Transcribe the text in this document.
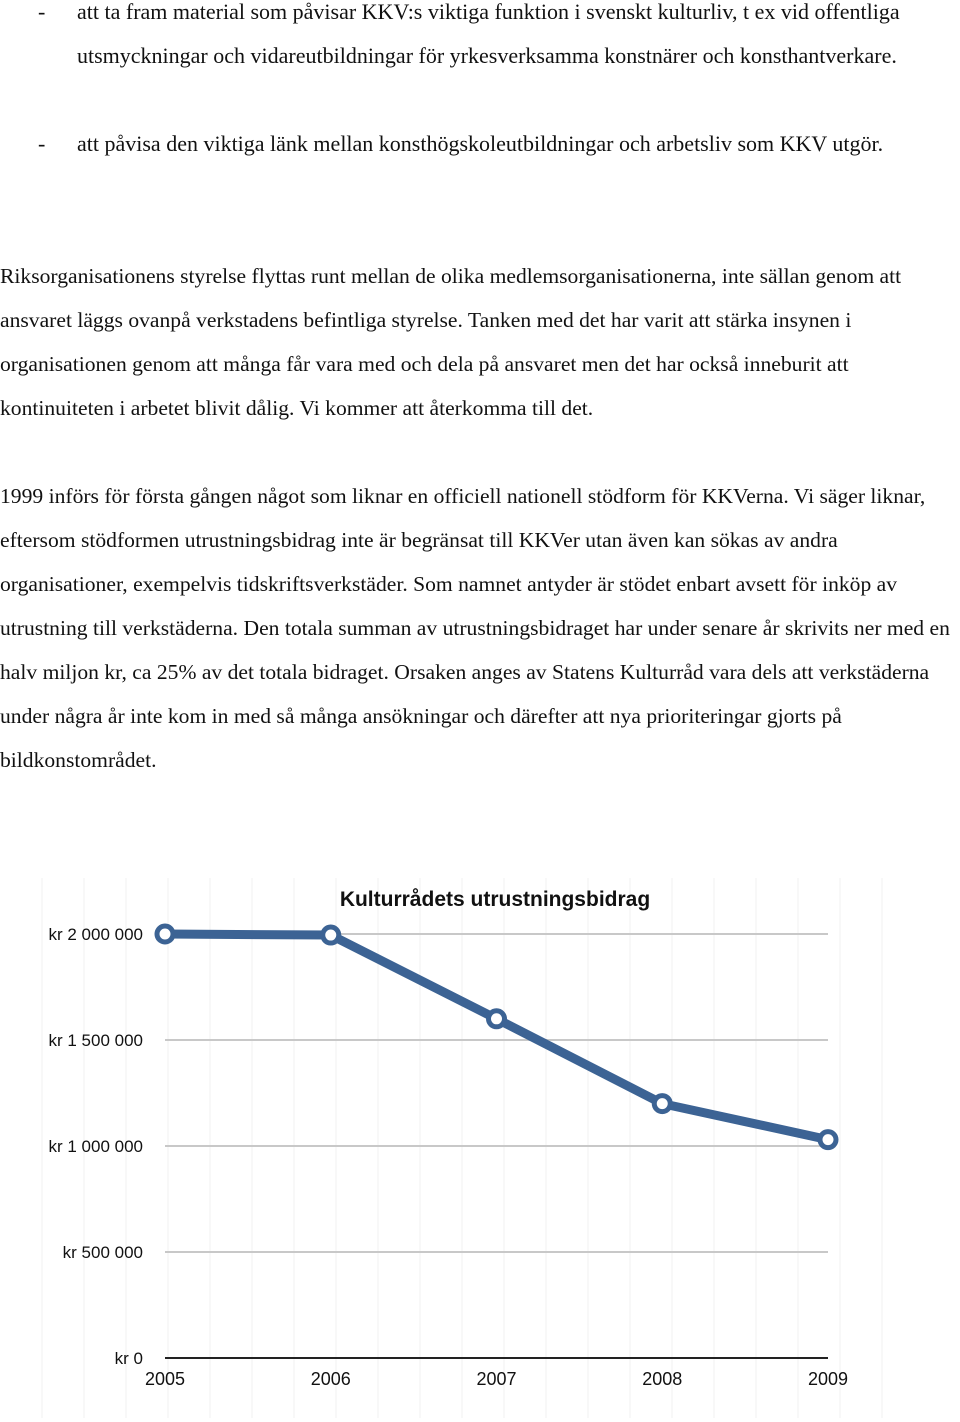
- att ta fram material som påvisar KKV:s viktiga funktion i svenskt kulturliv, t ex vid offentliga utsmyckningar och vidareutbildningar för yrkesverksamma konstnärer och konsthantverkare.
- att påvisa den viktiga länk mellan konsthögskoleutbildningar och arbetsliv som KKV utgör.
Riksorganisationens styrelse flyttas runt mellan de olika medlemsorganisationerna, inte sällan genom att ansvaret läggs ovanpå verkstadens befintliga styrelse. Tanken med det har varit att stärka insynen i organisationen genom att många får vara med och dela på ansvaret men det har också inneburit att kontinuiteten i arbetet blivit dålig. Vi kommer att återkomma till det.
1999 införs för första gången något som liknar en officiell nationell stödform för KKVerna. Vi säger liknar, eftersom stödformen utrustningsbidrag inte är begränsat till KKVer utan även kan sökas av andra organisationer, exempelvis tidskriftsverkstäder. Som namnet antyder är stödet enbart avsett för inköp av utrustning till verkstäderna. Den totala summan av utrustningsbidraget har under senare år skrivits ner med en halv miljon kr, ca 25% av det totala bidraget. Orsaken anges av Statens Kulturråd vara dels att verkstäderna under några år inte kom in med så många ansökningar och därefter att nya prioriteringar gjorts på bildkonstområdet.
kr 0
kr 500 000
kr 1 000 000
kr 1 500 000
kr 2 000 000
Kulturrådets utrustningsbidrag
2005	2006	2007	2008	2009
